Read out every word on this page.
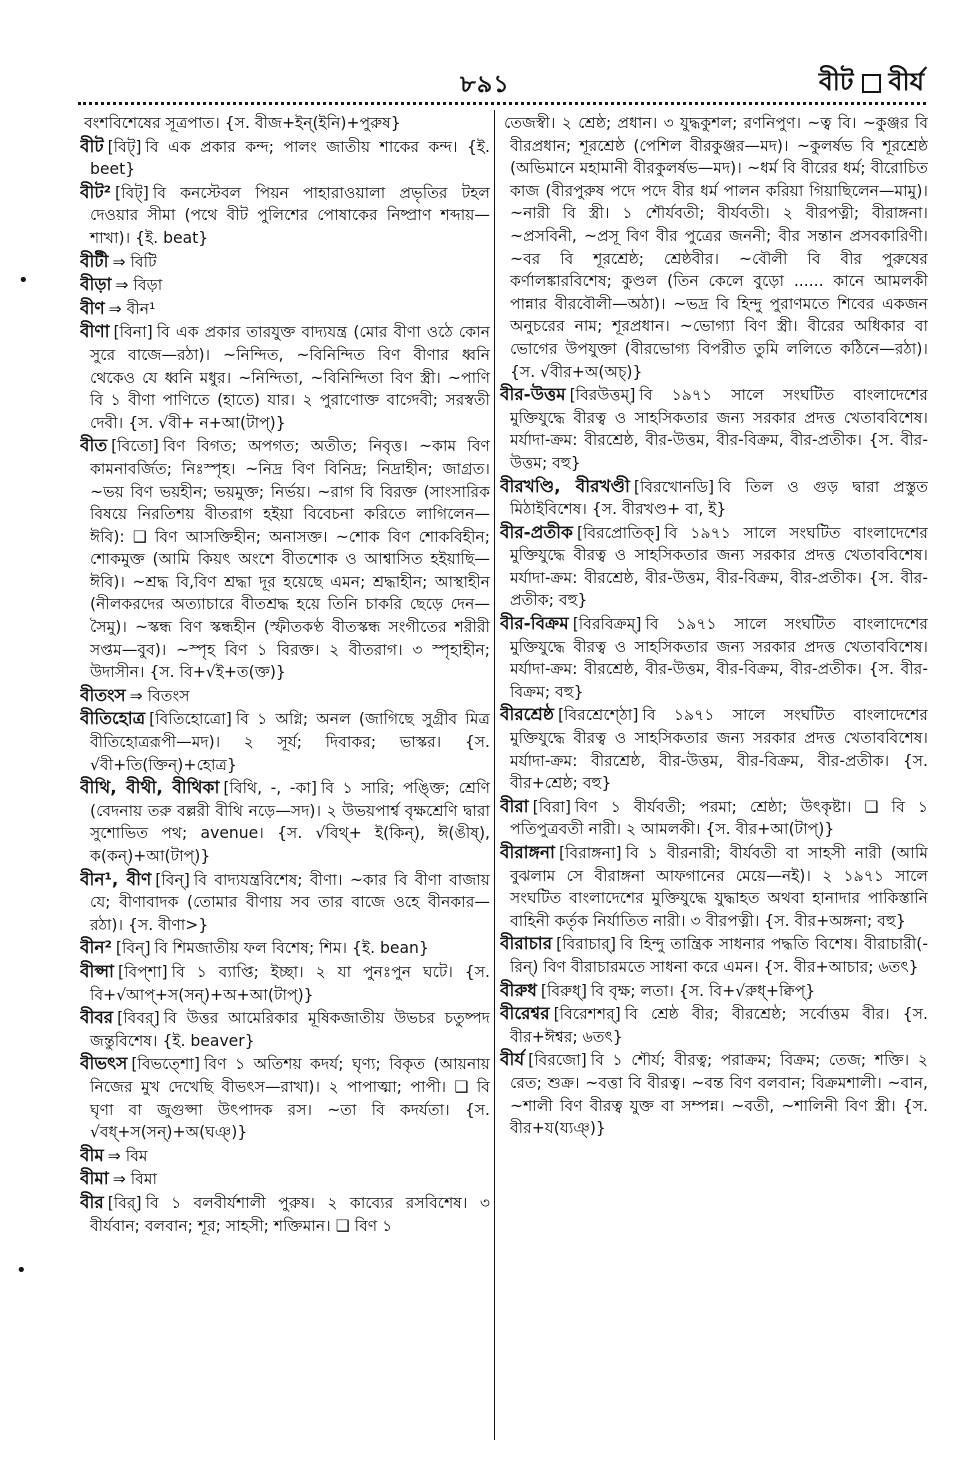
৮৯১	বীট বীর্য
বংশবিশেষের সূত্রপাত। {স. বীজ+ইন্(ইনি)+পুরুষ}
বীট [বিট্] বি এক প্রকার কন্দ; পালং জাতীয় শাকের কন্দ। {ই. beet}
বীট² [বিট্] বি কনস্টেবল পিয়ন পাহারাওয়ালা প্রভৃতির টহল দেওয়ার সীমা (পথে বীট পুলিশের পোষাকের নিষ্প্রাণ শব্দায়—শাখা)। {ই. beat}
বীটী ⇒ বিটি
বীড়া ⇒ বিড়া
বীণ ⇒ বীন¹
বীণা [বিনা] বি এক প্রকার তারযুক্ত বাদ্যযন্ত্র (মোর বীণা ওঠে কোন সুরে বাজে—রঠা)। ~নিন্দিত, ~বিনিন্দিত বিণ বীণার ধ্বনি থেকেও যে ধ্বনি মধুর। ~নিন্দিতা, ~বিনিন্দিতা বিণ স্ত্রী। ~পাণি বি ১ বীণা পাণিতে (হাতে) যার। ২ পুরাণোক্ত বাগ্দেবী; সরস্বতী দেবী। {স. √বী+ ন+আ(টাপ্)}
বীত [বিতো] বিণ বিগত; অপগত; অতীত; নিবৃত্ত। ~কাম বিণ কামনাবর্জিত; নিঃস্পৃহ। ~নিদ্র বিণ বিনিদ্র; নিদ্রাহীন; জাগ্রত। ~ভয় বিণ ভয়হীন; ভয়মুক্ত; নির্ভয়। ~রাগ বি বিরক্ত (সাংসারিক বিষয়ে নিরতিশয় বীতরাগ হইয়া বিবেচনা করিতে লাগিলেন—ঈবি): ❑ বিণ আসক্তিহীন; অনাসক্ত। ~শোক বিণ শোকবিহীন; শোকমুক্ত (আমি কিয়ৎ অংশে বীতশোক ও আশ্বাসিত হইয়াছি—ঈবি)। ~শ্রদ্ধ বি,বিণ শ্রদ্ধা দূর হয়েছে এমন; শ্রদ্ধাহীন; আস্থাহীন (নীলকরদের অত্যাচারে বীতশ্রদ্ধ হয়ে তিনি চাকরি ছেড়ে দেন—সৈমু)। ~স্কন্ধ বিণ স্কন্ধহীন (স্ফীতকণ্ঠ বীতস্কন্ধ সংগীতের শরীরী সপ্তম—বুব)। ~স্পৃহ বিণ ১ বিরক্ত। ২ বীতরাগ। ৩ স্পৃহাহীন; উদাসীন। {স. বি+√ই+ত(ক্ত)}
বীতংস ⇒ বিতংস
বীতিহোত্র [বিতিহোত্রো] বি ১ অগ্নি; অনল (জাগিছে সুগ্রীব মিত্র বীতিহোত্ররূপী—মদ)। ২ সূর্য; দিবাকর; ভাস্কর। {স. √বী+তি(ক্তিন্)+হোত্র}
বীথি, বীথী, বীথিকা [বিথি, -, -কা] বি ১ সারি; পঙ্ক্তি; শ্রেণি (বেদনায় তরু বল্লরী বীথি নড়ে—সদ)। ২ উভয়পার্শ্ব বৃক্ষশ্রেণি দ্বারা সুশোভিত পথ; avenue। {স. √বিথ্+ ই(কিন্), ঈ(ঙীষ্), ক(কন্)+আ(টাপ্)}
বীন¹, বীণ [বিন্] বি বাদ্যযন্ত্রবিশেষ; বীণা। ~কার বি বীণা বাজায় যে; বীণাবাদক (তোমার বীণায় সব তার বাজে ওহে বীনকার—রঠা)। {স. বীণা>}
বীন² [বিন্] বি শিমজাতীয় ফল বিশেষ; শিম। {ই. bean}
বীপ্সা [বিপ্শা] বি ১ ব্যাপ্তি; ইচ্ছা। ২ যা পুনঃপুন ঘটে। {স. বি+√আপ্+স(সন্)+অ+আ(টাপ্)}
বীবর [বিবর্] বি উত্তর আমেরিকার মূষিকজাতীয় উভচর চতুষ্পদ জন্তুবিশেষ। {ই. beaver}
বীভৎস [বিভত্শো] বিণ ১ অতিশয় কদর্য; ঘৃণ্য; বিকৃত (আয়নায় নিজের মুখ দেখেছি বীভৎস—রাখা)। ২ পাপাত্মা; পাপী। ❑ বি ঘৃণা বা জুগুপ্সা উৎপাদক রস। ~তা বি কদর্যতা। {স. √বধ্+স(সন্)+অ(ঘঞ্)}
বীম ⇒ বিম
বীমা ⇒ বিমা
বীর [বির্] বি ১ বলবীর্যশালী পুরুষ। ২ কাব্যের রসবিশেষ। ৩ বীর্যবান; বলবান; শূর; সাহসী; শক্তিমান। ❑ বিণ ১
তেজস্বী। ২ শ্রেষ্ঠ; প্রধান। ৩ যুদ্ধকুশল; রণনিপুণ। ~ত্ব বি। ~কুঞ্জর বি বীরপ্রধান; শূরশ্রেষ্ঠ (পেশিল বীরকুঞ্জর—মদ)। ~কুলর্ষভ বি শূরশ্রেষ্ঠ (অভিমানে মহামানী বীরকুলর্ষভ—মদ)। ~ধর্ম বি বীরের ধর্ম; বীরোচিত কাজ (বীরপুরুষ পদে পদে বীর ধর্ম পালন করিয়া গিয়াছিলেন—মামু)। ~নারী বি স্ত্রী। ১ শৌর্যবতী; বীর্যবতী। ২ বীরপত্নী; বীরাঙ্গনা। ~প্রসবিনী, ~প্রসূ বিণ বীর পুত্রের জননী; বীর সন্তান প্রসবকারিণী। ~বর বি শূরশ্রেষ্ঠ; শ্রেষ্ঠবীর। ~বৌলী বি বীর পুরুষের কর্ণালঙ্কারবিশেষ; কুণ্ডল (তিন কেলে বুড়ো ...... কানে আমলকী পান্নার বীরবৌলী—অঠা)। ~ভদ্র বি হিন্দু পুরাণমতে শিবের একজন অনুচরের নাম; শূরপ্রধান। ~ভোগ্যা বিণ স্ত্রী। বীরের অধিকার বা ভোগের উপযুক্তা (বীরভোগ্য বিপরীত তুমি ললিতে কঠিনে—রঠা)। {স. √বীর+অ(অচ্)}
বীর-উত্তম [বিরউত্তম্] বি ১৯৭১ সালে সংঘটিত বাংলাদেশের মুক্তিযুদ্ধে বীরত্ব ও সাহসিকতার জন্য সরকার প্রদত্ত খেতাববিশেষ। মর্যাদা-ক্রম: বীরশ্রেষ্ঠ, বীর-উত্তম, বীর-বিক্রম, বীর-প্রতীক। {স. বীর-উত্তম; বহু}
বীরখণ্ডি, বীরখণ্ডী [বিরখোনডি] বি তিল ও গুড় দ্বারা প্রস্তুত মিঠাইবিশেষ। {স. বীরখণ্ড+ বা, ই}
বীর-প্রতীক [বিরপ্রোতিক্] বি ১৯৭১ সালে সংঘটিত বাংলাদেশের মুক্তিযুদ্ধে বীরত্ব ও সাহসিকতার জন্য সরকার প্রদত্ত খেতাববিশেষ। মর্যাদা-ক্রম: বীরশ্রেষ্ঠ, বীর-উত্তম, বীর-বিক্রম, বীর-প্রতীক। {স. বীর-প্রতীক; বহু}
বীর-বিক্রম [বিরবিক্রম্] বি ১৯৭১ সালে সংঘটিত বাংলাদেশের মুক্তিযুদ্ধে বীরত্ব ও সাহসিকতার জন্য সরকার প্রদত্ত খেতাববিশেষ। মর্যাদা-ক্রম: বীরশ্রেষ্ঠ, বীর-উত্তম, বীর-বিক্রম, বীর-প্রতীক। {স. বীর-বিক্রম; বহু}
বীরশ্রেষ্ঠ [বিরশ্রেশ্ঠো] বি ১৯৭১ সালে সংঘটিত বাংলাদেশের মুক্তিযুদ্ধে বীরত্ব ও সাহসিকতার জন্য সরকার প্রদত্ত খেতাববিশেষ। মর্যাদা-ক্রম: বীরশ্রেষ্ঠ, বীর-উত্তম, বীর-বিক্রম, বীর-প্রতীক। {স. বীর+শ্রেষ্ঠ; বহু}
বীরা [বিরা] বিণ ১ বীর্যবতী; পরমা; শ্রেষ্ঠা; উৎকৃষ্টা। ❑ বি ১ পতিপুত্রবতী নারী। ২ আমলকী। {স. বীর+আ(টাপ্)}
বীরাঙ্গনা [বিরাঙ্গনা] বি ১ বীরনারী; বীর্যবতী বা সাহসী নারী (আমি বুঝলাম সে বীরাঙ্গনা আফগানের মেয়ে—নই)। ২ ১৯৭১ সালে সংঘটিত বাংলাদেশের মুক্তিযুদ্ধে যুদ্ধাহত অথবা হানাদার পাকিস্তানি বাহিনী কর্তৃক নির্যাতিত নারী। ৩ বীরপত্নী। {স. বীর+অঙ্গনা; বহু}
বীরাচার [বিরাচার্] বি হিন্দু তান্ত্রিক সাধনার পদ্ধতি বিশেষ। বীরাচারী(-রিন্) বিণ বীরাচারমতে সাধনা করে এমন। {স. বীর+আচার; ৬তৎ}
বীরুধ [বিরুধ্] বি বৃক্ষ; লতা। {স. বি+√রুধ্+ক্বিপ্}
বীরেশ্বর [বিরেশশর্] বি শ্রেষ্ঠ বীর; বীরশ্রেষ্ঠ; সর্বোত্তম বীর। {স. বীর+ঈশ্বর; ৬তৎ}
বীর্য [বিরজো] বি ১ শৌর্য; বীরত্ব; পরাক্রম; বিক্রম; তেজ; শক্তি। ২ রেত; শুক্র। ~বত্তা বি বীরত্ব। ~বন্ত বিণ বলবান; বিক্রমশালী। ~বান, ~শালী বিণ বীরত্ব যুক্ত বা সম্পন্ন। ~বতী, ~শালিনী বিণ স্ত্রী। {স. বীর+য(য্যঞ্)}
•
•
